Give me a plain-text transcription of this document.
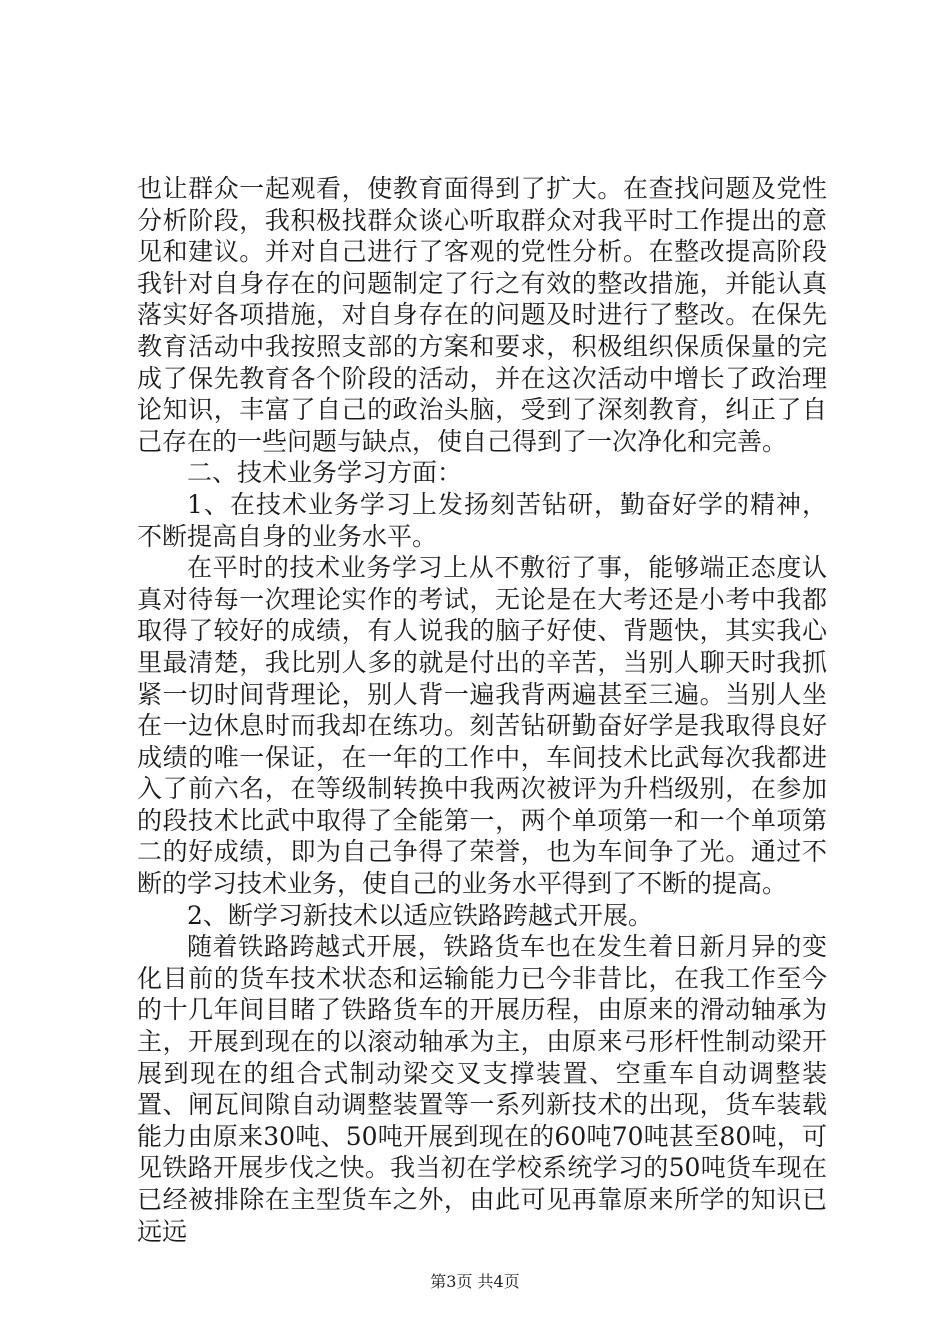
也让群众一起观看，使教育面得到了扩大。在查找问题及党性分析阶段，我积极找群众谈心听取群众对我平时工作提出的意见和建议。并对自己进行了客观的党性分析。在整改提高阶段我针对自身存在的问题制定了行之有效的整改措施，并能认真落实好各项措施，对自身存在的问题及时进行了整改。在保先教育活动中我按照支部的方案和要求，积极组织保质保量的完成了保先教育各个阶段的活动，并在这次活动中增长了政治理论知识，丰富了自己的政治头脑，受到了深刻教育，纠正了自己存在的一些问题与缺点，使自己得到了一次净化和完善。

二、技术业务学习方面：

1、在技术业务学习上发扬刻苦钻研，勤奋好学的精神，不断提高自身的业务水平。

在平时的技术业务学习上从不敷衍了事，能够端正态度认真对待每一次理论实作的考试，无论是在大考还是小考中我都取得了较好的成绩，有人说我的脑子好使、背题快，其实我心里最清楚，我比别人多的就是付出的辛苦，当别人聊天时我抓紧一切时间背理论，别人背一遍我背两遍甚至三遍。当别人坐在一边休息时而我却在练功。刻苦钻研勤奋好学是我取得良好成绩的唯一保证，在一年的工作中，车间技术比武每次我都进入了前六名，在等级制转换中我两次被评为升档级别，在参加的段技术比武中取得了全能第一，两个单项第一和一个单项第二的好成绩，即为自己争得了荣誉，也为车间争了光。通过不断的学习技术业务，使自己的业务水平得到了不断的提高。

2、断学习新技术以适应铁路跨越式开展。

随着铁路跨越式开展，铁路货车也在发生着日新月异的变化目前的货车技术状态和运输能力已今非昔比，在我工作至今的十几年间目睹了铁路货车的开展历程，由原来的滑动轴承为主，开展到现在的以滚动轴承为主，由原来弓形杆性制动梁开展到现在的组合式制动梁交叉支撑装置、空重车自动调整装置、闸瓦间隙自动调整装置等一系列新技术的出现，货车装载能力由原来30吨、50吨开展到现在的60吨70吨甚至80吨，可见铁路开展步伐之快。我当初在学校系统学习的50吨货车现在已经被排除在主型货车之外，由此可见再靠原来所学的知识已远远

第3页 共4页
